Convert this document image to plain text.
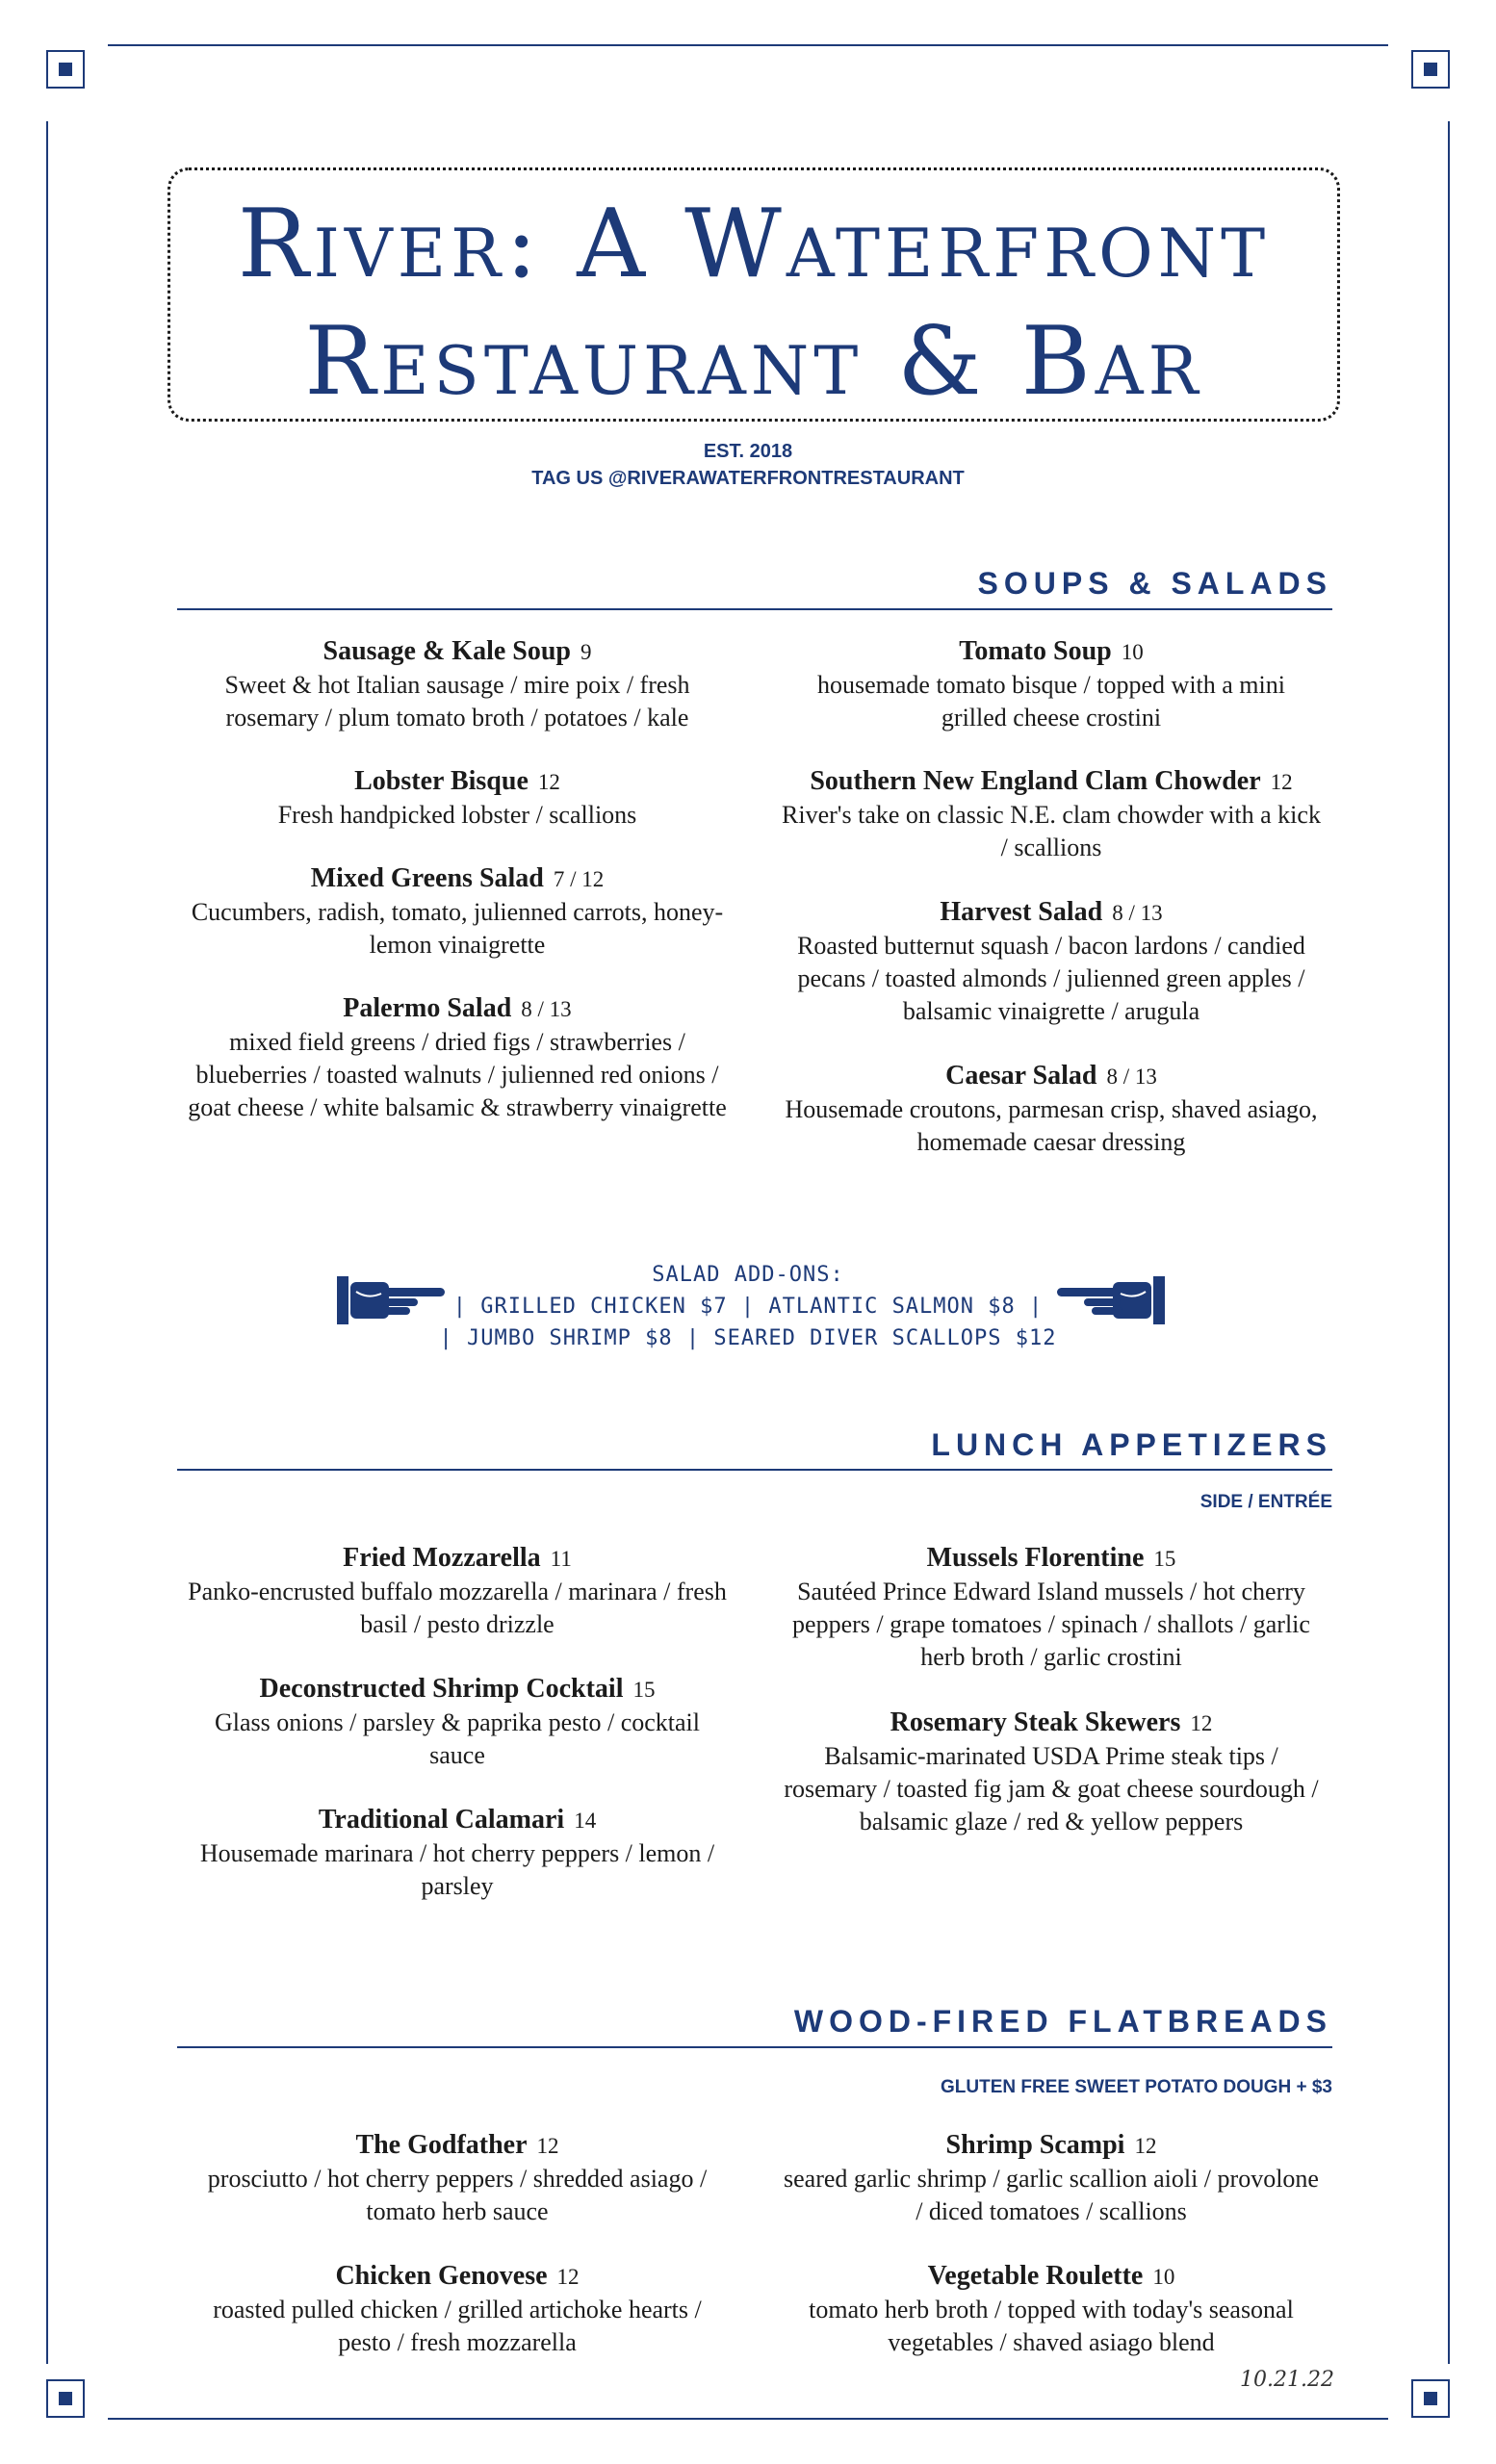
River: A Waterfront
Restaurant & Bar
EST. 2018
TAG US @RIVERAWATERFRONTRESTAURANT
SOUPS & SALADS
Sausage & Kale Soup 9
Sweet & hot Italian sausage / mire poix / fresh rosemary / plum tomato broth / potatoes / kale
Lobster Bisque 12
Fresh handpicked lobster / scallions
Mixed Greens Salad 7 / 12
Cucumbers, radish, tomato, julienned carrots, honey-lemon vinaigrette
Palermo Salad 8 / 13
mixed field greens / dried figs / strawberries / blueberries / toasted walnuts / julienned red onions / goat cheese / white balsamic & strawberry vinaigrette
Tomato Soup 10
housemade tomato bisque / topped with a mini grilled cheese crostini
Southern New England Clam Chowder 12
River's take on classic N.E. clam chowder with a kick / scallions
Harvest Salad 8 / 13
Roasted butternut squash / bacon lardons / candied pecans / toasted almonds / julienned green apples / balsamic vinaigrette / arugula
Caesar Salad 8 / 13
Housemade croutons, parmesan crisp, shaved asiago, homemade caesar dressing
SALAD ADD-ONS:
| GRILLED CHICKEN $7 | ATLANTIC SALMON $8 |
| JUMBO SHRIMP $8 | SEARED DIVER SCALLOPS $12
LUNCH APPETIZERS
SIDE / ENTRÉE
Fried Mozzarella 11
Panko-encrusted buffalo mozzarella / marinara / fresh basil / pesto drizzle
Deconstructed Shrimp Cocktail 15
Glass onions / parsley & paprika pesto / cocktail sauce
Traditional Calamari 14
Housemade marinara / hot cherry peppers / lemon / parsley
Mussels Florentine 15
Sautéed Prince Edward Island mussels / hot cherry peppers / grape tomatoes / spinach / shallots / garlic herb broth / garlic crostini
Rosemary Steak Skewers 12
Balsamic-marinated USDA Prime steak tips / rosemary / toasted fig jam & goat cheese sourdough / balsamic glaze / red & yellow peppers
WOOD-FIRED FLATBREADS
GLUTEN FREE SWEET POTATO DOUGH + $3
The Godfather 12
prosciutto / hot cherry peppers / shredded asiago / tomato herb sauce
Chicken Genovese 12
roasted pulled chicken / grilled artichoke hearts / pesto / fresh mozzarella
Shrimp Scampi 12
seared garlic shrimp / garlic scallion aioli / provolone / diced tomatoes / scallions
Vegetable Roulette 10
tomato herb broth / topped with today's seasonal vegetables / shaved asiago blend
10.21.22
